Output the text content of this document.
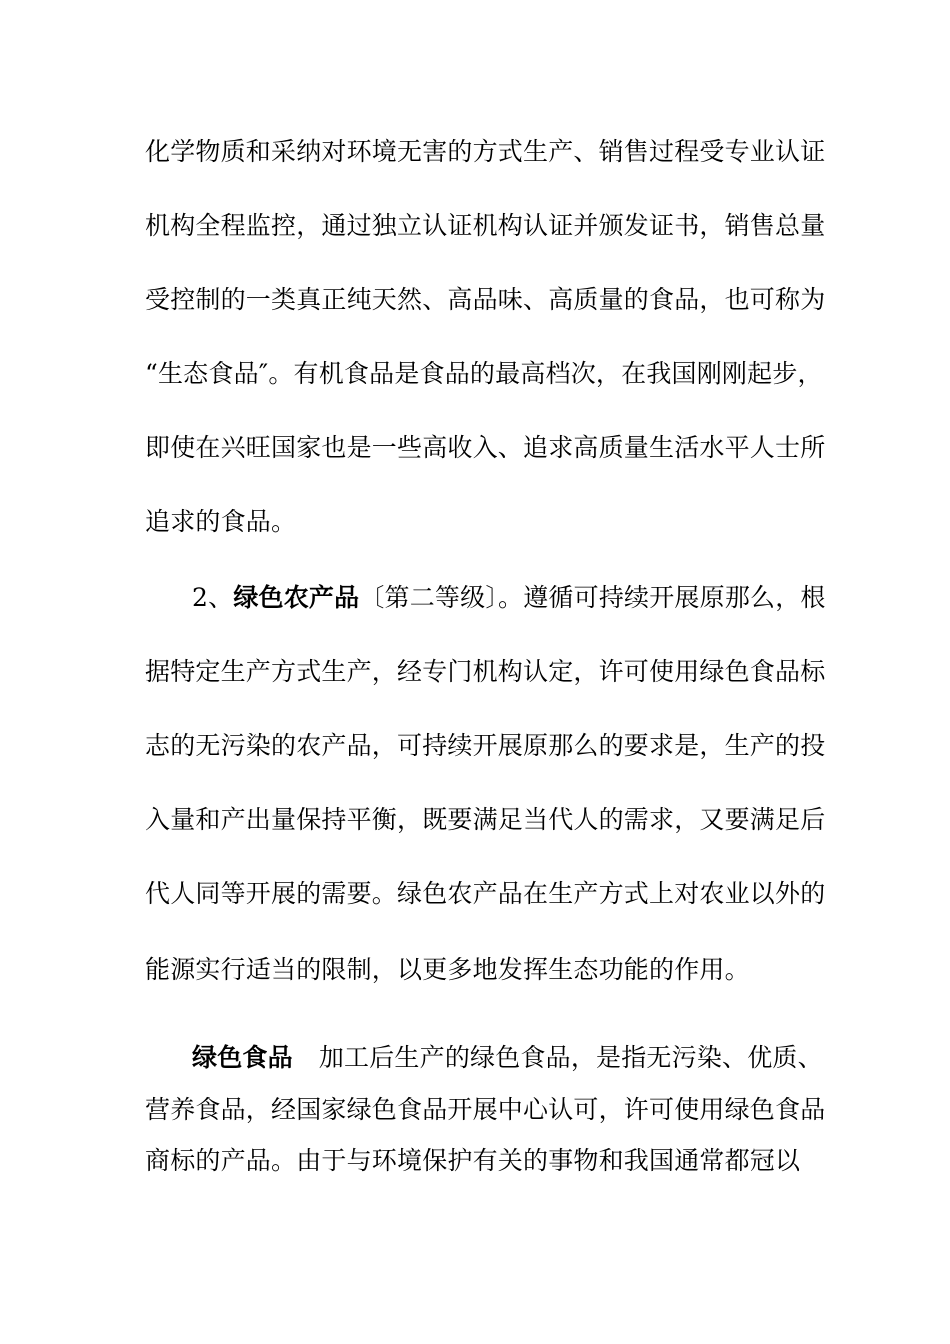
化学物质和采纳对环境无害的方式生产、销售过程受专业认证
机构全程监控，通过独立认证机构认证并颁发证书，销售总量
受控制的一类真正纯天然、高品味、高质量的食品，也可称为
“生态食品″。有机食品是食品的最高档次，在我国刚刚起步，
即使在兴旺国家也是一些高收入、追求高质量生活水平人士所
追求的食品。
2、绿色农产品〔第二等级〕。遵循可持续开展原那么，根
据特定生产方式生产，经专门机构认定，许可使用绿色食品标
志的无污染的农产品，可持续开展原那么的要求是，生产的投
入量和产出量保持平衡，既要满足当代人的需求，又要满足后
代人同等开展的需要。绿色农产品在生产方式上对农业以外的
能源实行适当的限制，以更多地发挥生态功能的作用。
绿色食品 加工后生产的绿色食品，是指无污染、优质、
营养食品，经国家绿色食品开展中心认可，许可使用绿色食品
商标的产品。由于与环境保护有关的事物和我国通常都冠以
